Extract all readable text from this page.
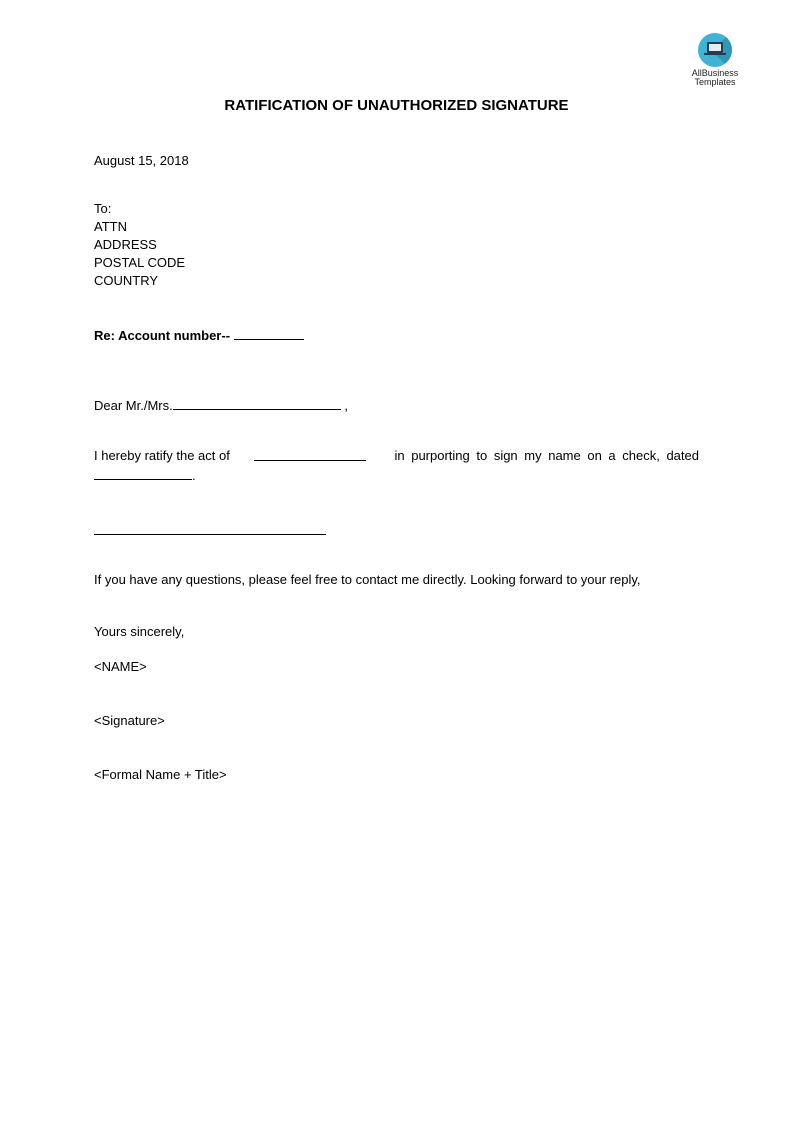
AllBusiness
Templates
RATIFICATION OF UNAUTHORIZED SIGNATURE
August 15, 2018
To:
ATTN
ADDRESS
POSTAL CODE
COUNTRY
Re: Account number--
Dear Mr./Mrs.	,
I hereby ratify the act of	in purporting to sign my name on a check, dated
.
If you have any questions, please feel free to contact me directly. Looking forward to your reply,
Yours sincerely,
<NAME>
<Signature>
<Formal Name + Title>
